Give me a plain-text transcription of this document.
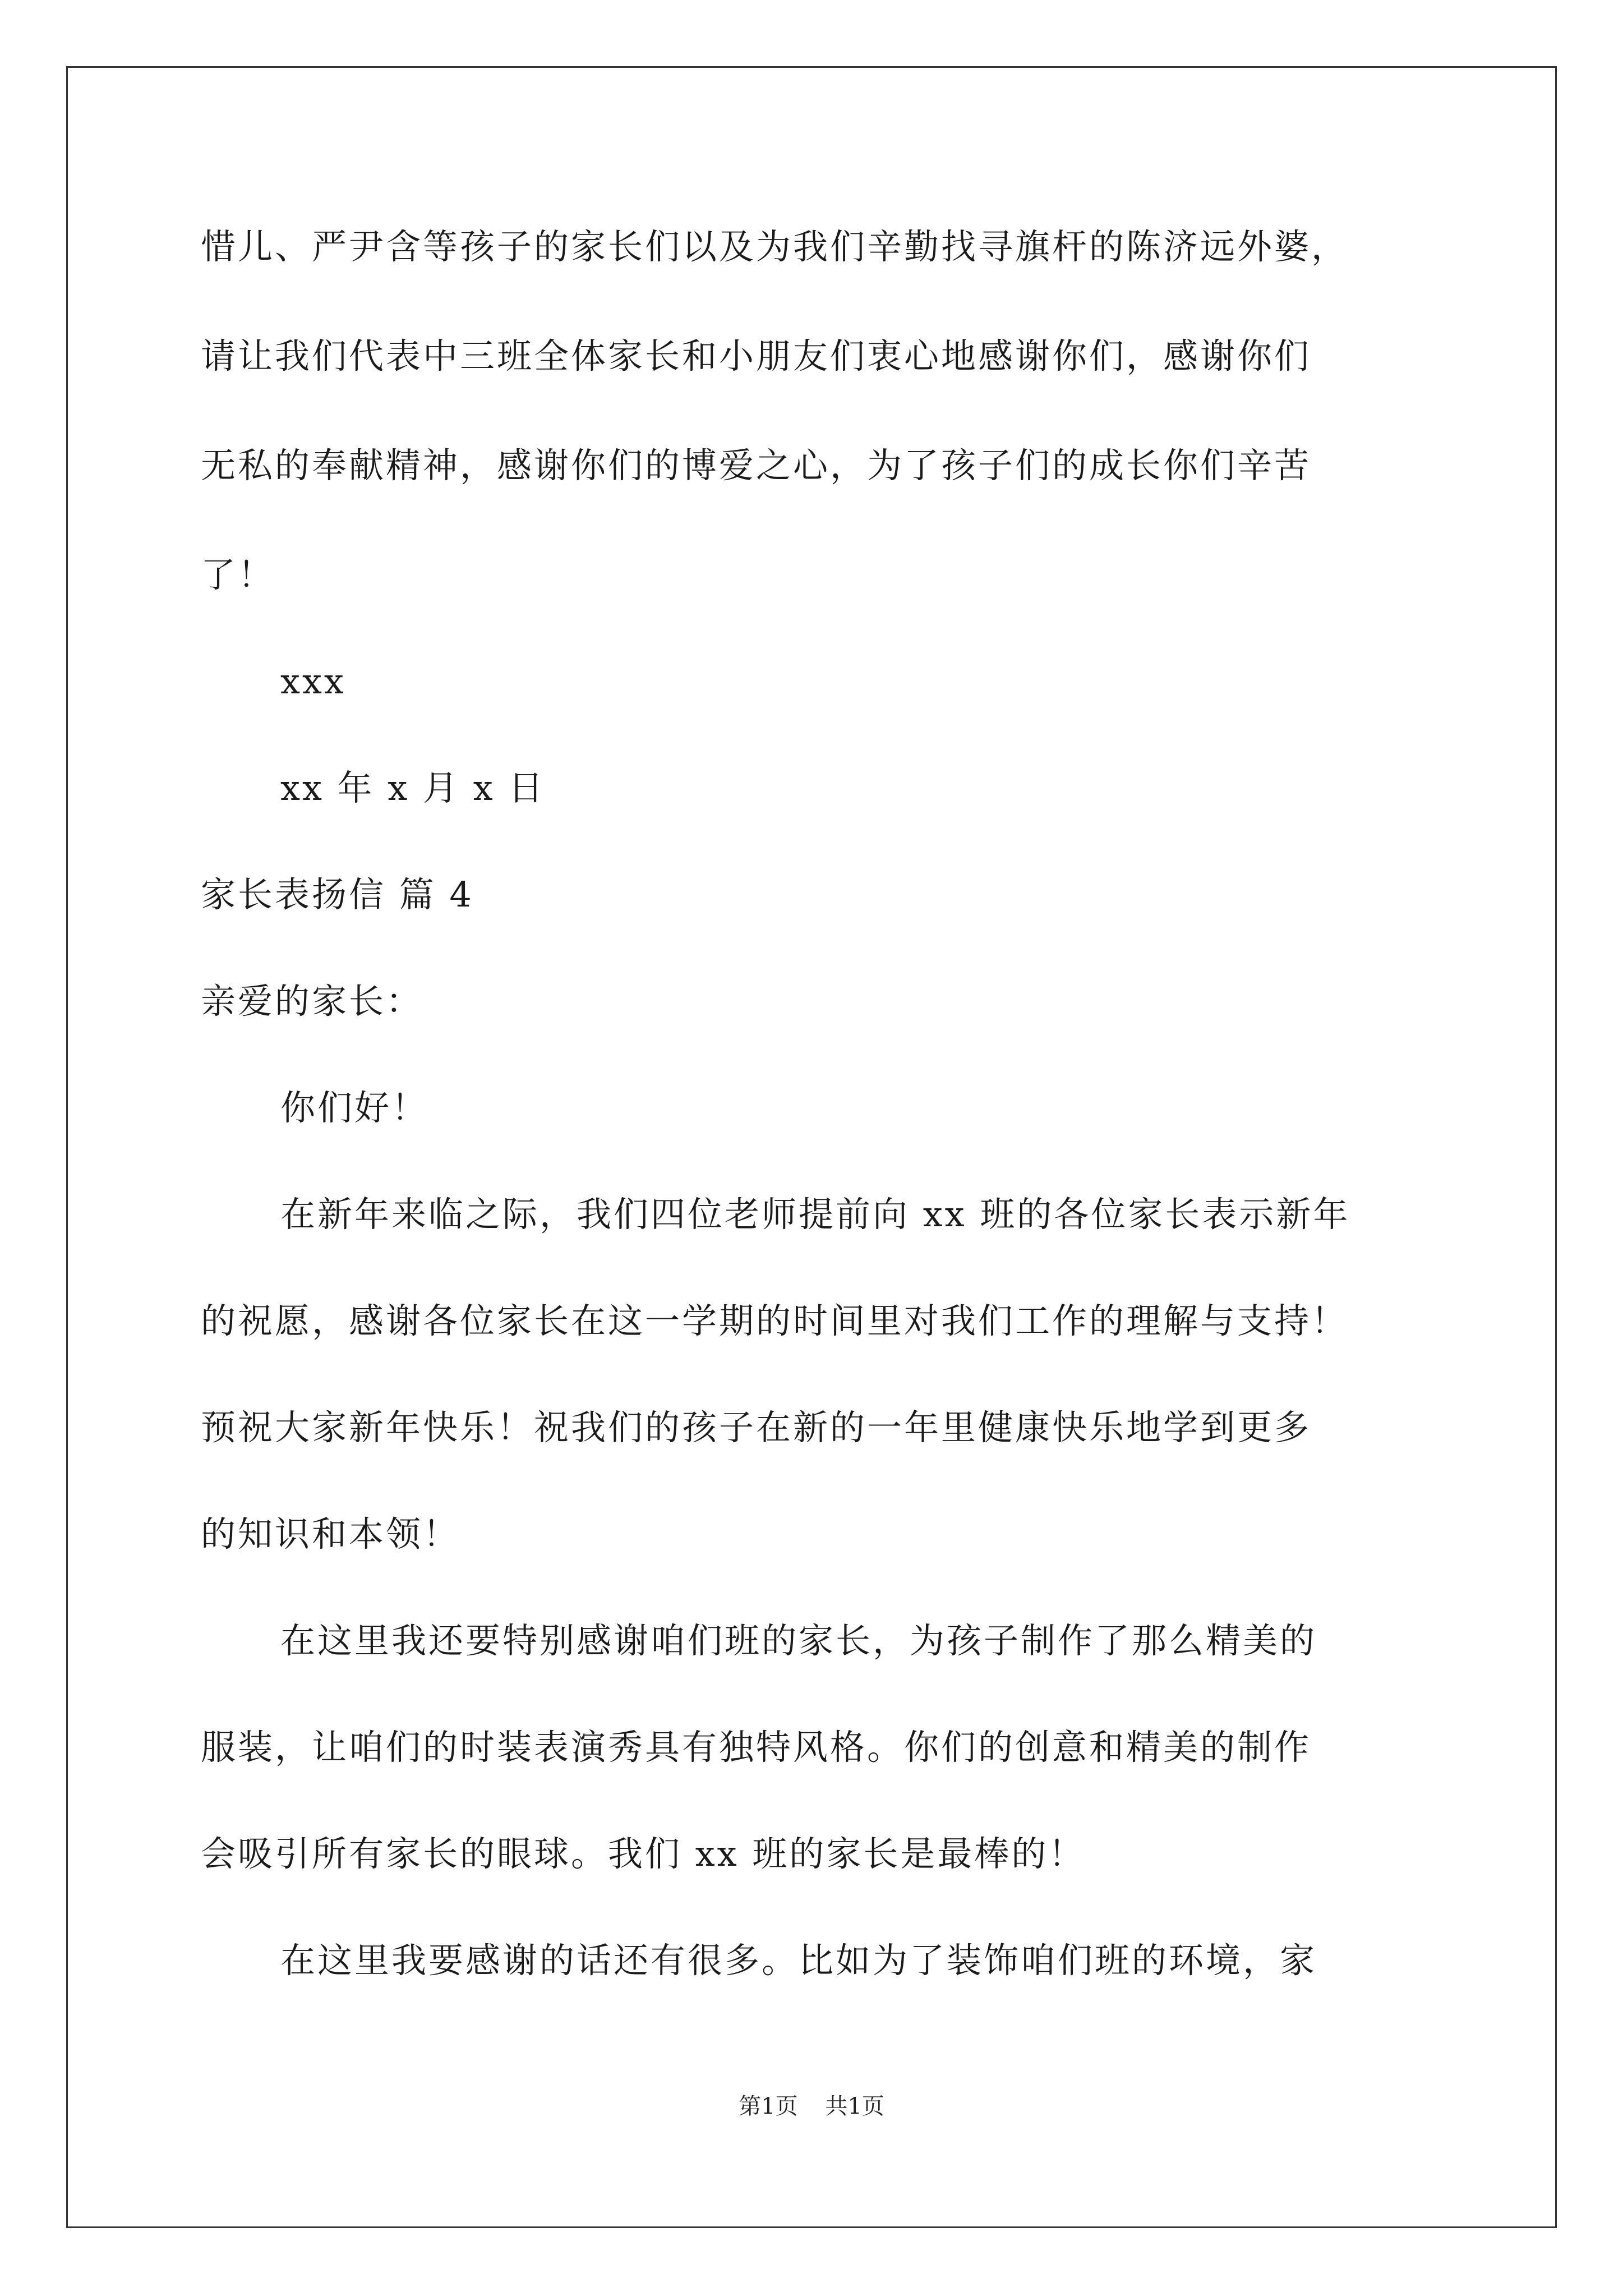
惜儿、严尹含等孩子的家长们以及为我们辛勤找寻旗杆的陈济远外婆，
请让我们代表中三班全体家长和小朋友们衷心地感谢你们，感谢你们
无私的奉献精神，感谢你们的博爱之心，为了孩子们的成长你们辛苦
了！
xxx
xx 年 x 月 x 日
家长表扬信 篇 4
亲爱的家长：
你们好！
在新年来临之际，我们四位老师提前向 xx 班的各位家长表示新年
的祝愿，感谢各位家长在这一学期的时间里对我们工作的理解与支持！
预祝大家新年快乐！祝我们的孩子在新的一年里健康快乐地学到更多
的知识和本领！
在这里我还要特别感谢咱们班的家长，为孩子制作了那么精美的
服装，让咱们的时装表演秀具有独特风格。你们的创意和精美的制作
会吸引所有家长的眼球。我们 xx 班的家长是最棒的！
在这里我要感谢的话还有很多。比如为了装饰咱们班的环境，家
第1页 共1页
